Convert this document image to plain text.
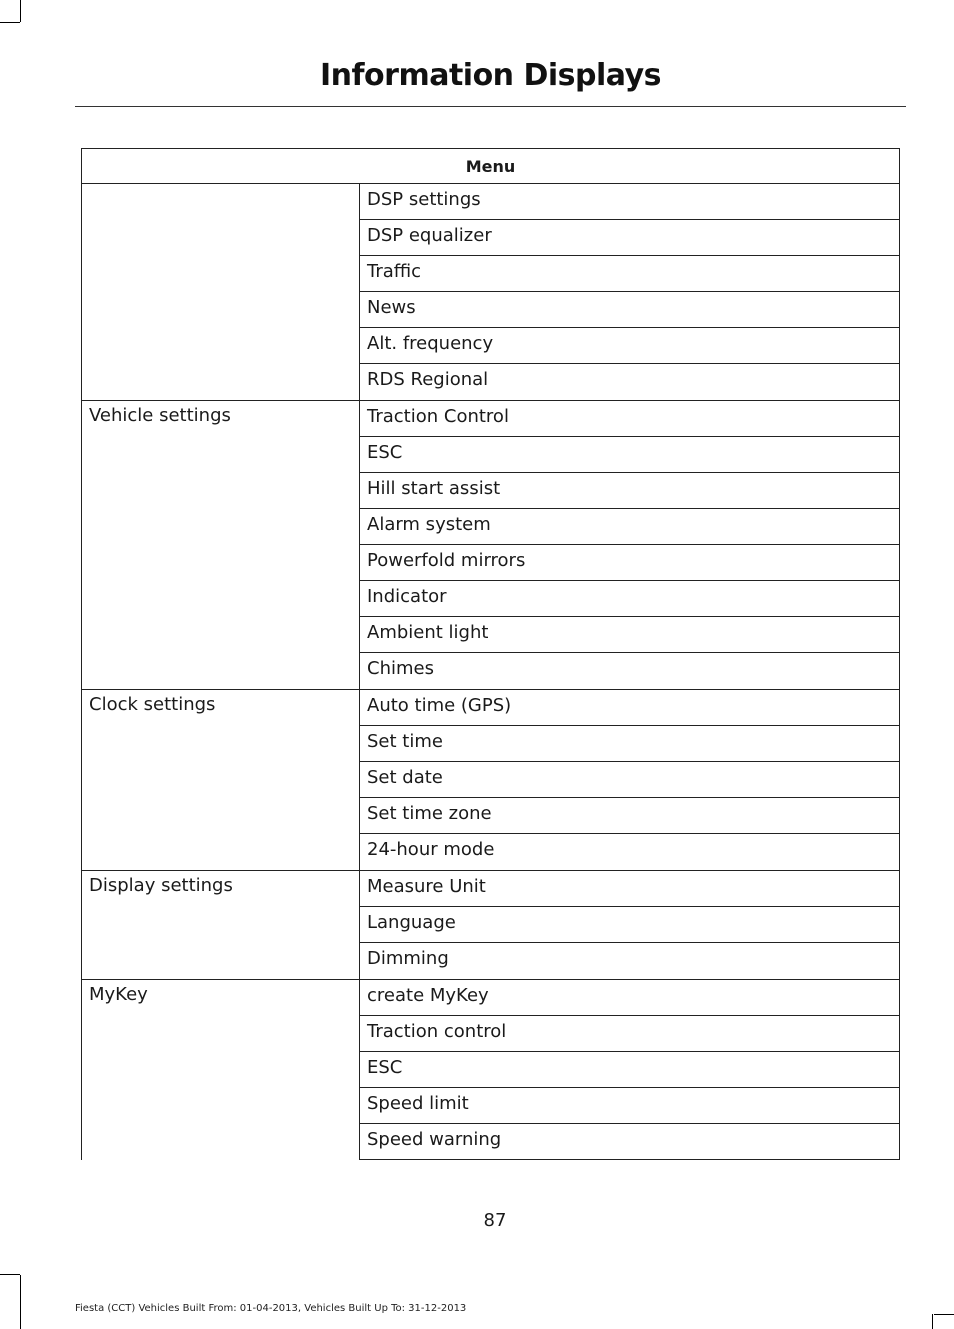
Information Displays
Menu
DSP settings
DSP equalizer
Traffic
News
Alt. frequency
RDS Regional
Vehicle settings	Traction Control
ESC
Hill start assist
Alarm system
Powerfold mirrors
Indicator
Ambient light
Chimes
Clock settings	Auto time (GPS)
Set time
Set date
Set time zone
24-hour mode
Display settings	Measure Unit
Language
Dimming
MyKey	create MyKey
Traction control
ESC
Speed limit
Speed warning
87
Fiesta (CCT) Vehicles Built From: 01-04-2013, Vehicles Built Up To: 31-12-2013
